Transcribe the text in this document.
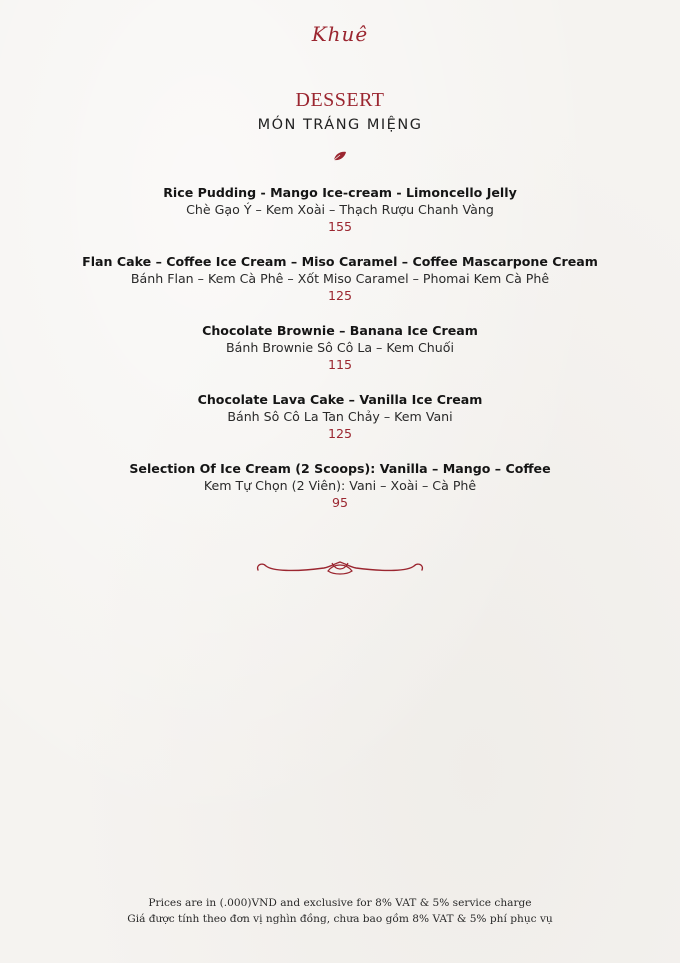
Khuê
DESSERT
MÓN TRÁNG MIỆNG
Rice Pudding - Mango Ice-cream - Limoncello Jelly
Chè Gạo Ý – Kem Xoài – Thạch Rượu Chanh Vàng
155
Flan Cake – Coffee Ice Cream – Miso Caramel – Coffee Mascarpone Cream
Bánh Flan – Kem Cà Phê – Xốt Miso Caramel – Phomai Kem Cà Phê
125
Chocolate Brownie – Banana Ice Cream
Bánh Brownie Sô Cô La – Kem Chuối
115
Chocolate Lava Cake – Vanilla Ice Cream
Bánh Sô Cô La Tan Chảy – Kem Vani
125
Selection Of Ice Cream (2 Scoops): Vanilla – Mango – Coffee
Kem Tự Chọn (2 Viên): Vani – Xoài – Cà Phê
95
Prices are in (.000)VND and exclusive for 8% VAT & 5% service charge
Giá được tính theo đơn vị nghìn đồng, chưa bao gồm 8% VAT & 5% phí phục vụ
